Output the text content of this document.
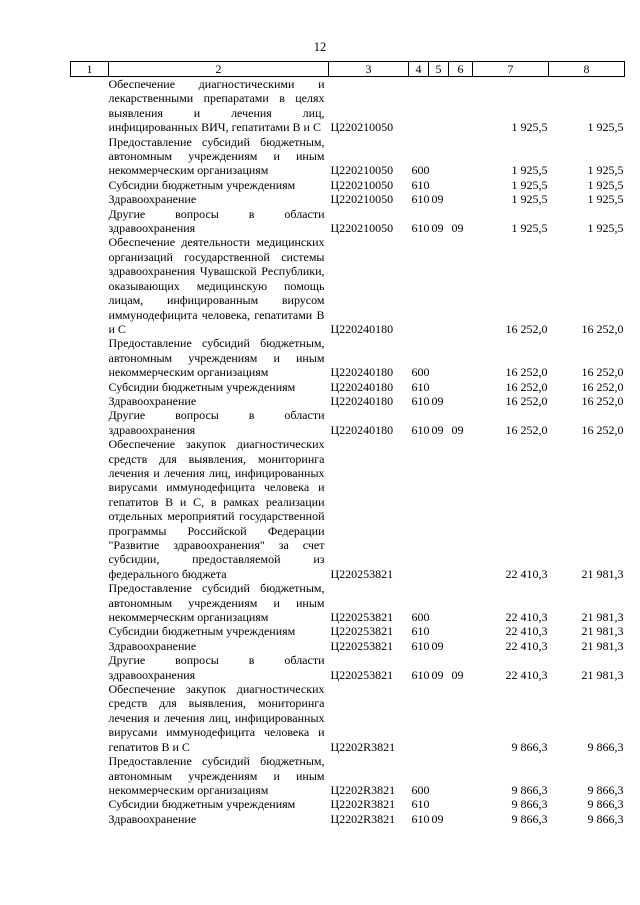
12
1	2	3	4	5	6	7	8
	Обеспечение диагностическими и лекарственными препаратами в целях выявления и лечения лиц, инфицированных ВИЧ, гепатитами В и С	Ц220210050				1 925,5	1 925,5
	Предоставление субсидий бюджетным, автономным учреждениям и иным некоммерческим организациям	Ц220210050	600			1 925,5	1 925,5
	Субсидии бюджетным учреждениям	Ц220210050	610			1 925,5	1 925,5
	Здравоохранение	Ц220210050	610	09		1 925,5	1 925,5
	Другие вопросы в области здравоохранения	Ц220210050	610	09	09	1 925,5	1 925,5
	Обеспечение деятельности медицинских организаций государственной системы здравоохранения Чувашской Республики, оказывающих медицинскую помощь лицам, инфицированным вирусом иммунодефицита человека, гепатитами В и С	Ц220240180				16 252,0	16 252,0
	Предоставление субсидий бюджетным, автономным учреждениям и иным некоммерческим организациям	Ц220240180	600			16 252,0	16 252,0
	Субсидии бюджетным учреждениям	Ц220240180	610			16 252,0	16 252,0
	Здравоохранение	Ц220240180	610	09		16 252,0	16 252,0
	Другие вопросы в области здравоохранения	Ц220240180	610	09	09	16 252,0	16 252,0
	Обеспечение закупок диагностических средств для выявления, мониторинга лечения и лечения лиц, инфицированных вирусами иммунодефицита человека и гепатитов В и С, в рамках реализации отдельных мероприятий государственной программы Российской Федерации "Развитие здравоохранения" за счет субсидии, предоставляемой из федерального бюджета	Ц220253821				22 410,3	21 981,3
	Предоставление субсидий бюджетным, автономным учреждениям и иным некоммерческим организациям	Ц220253821	600			22 410,3	21 981,3
	Субсидии бюджетным учреждениям	Ц220253821	610			22 410,3	21 981,3
	Здравоохранение	Ц220253821	610	09		22 410,3	21 981,3
	Другие вопросы в области здравоохранения	Ц220253821	610	09	09	22 410,3	21 981,3
	Обеспечение закупок диагностических средств для выявления, мониторинга лечения и лечения лиц, инфицированных вирусами иммунодефицита человека и гепатитов В и С	Ц2202R3821				9 866,3	9 866,3
	Предоставление субсидий бюджетным, автономным учреждениям и иным некоммерческим организациям	Ц2202R3821	600			9 866,3	9 866,3
	Субсидии бюджетным учреждениям	Ц2202R3821	610			9 866,3	9 866,3
	Здравоохранение	Ц2202R3821	610	09		9 866,3	9 866,3
